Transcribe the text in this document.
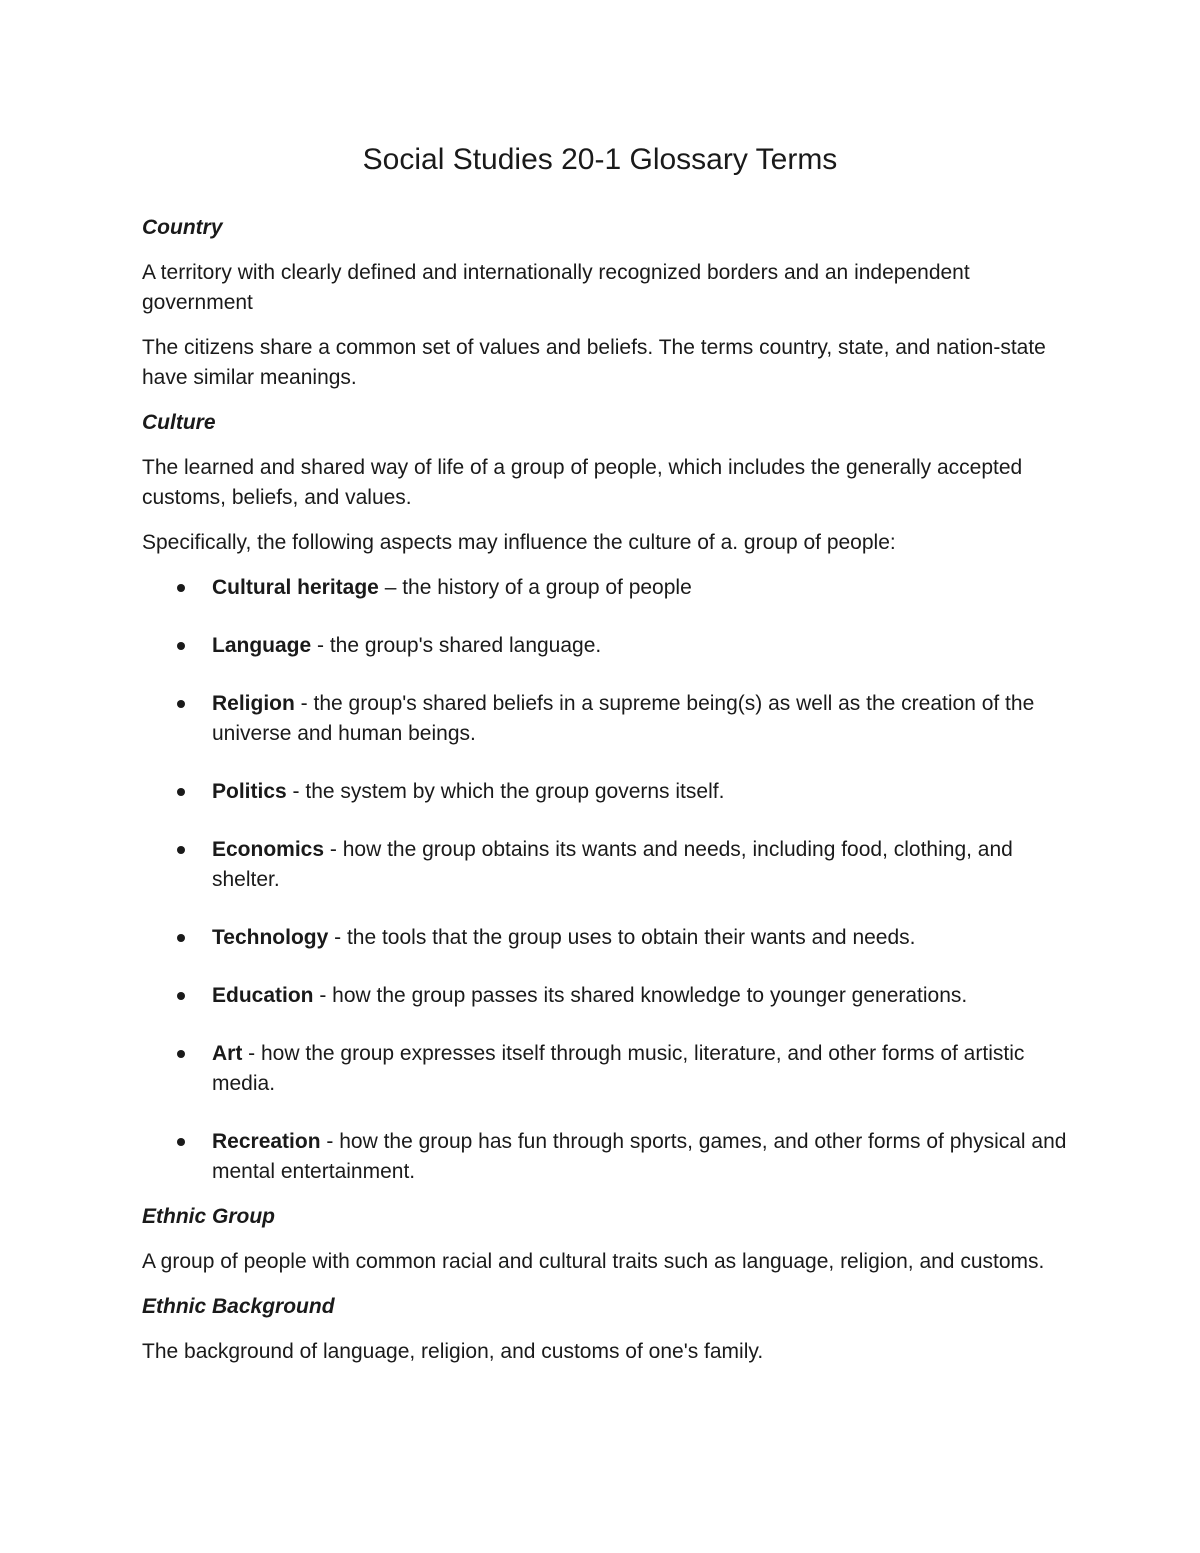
Social Studies 20-1 Glossary Terms
Country

A territory with clearly defined and internationally recognized borders and an independent government

The citizens share a common set of values and beliefs. The terms country, state, and nation-state have similar meanings.

Culture

The learned and shared way of life of a group of people, which includes the generally accepted customs, beliefs, and values.

Specifically, the following aspects may influence the culture of a. group of people:

Cultural heritage – the history of a group of people
Language - the group's shared language.
Religion - the group's shared beliefs in a supreme being(s) as well as the creation of the universe and human beings.
Politics - the system by which the group governs itself.
Economics - how the group obtains its wants and needs, including food, clothing, and shelter.
Technology - the tools that the group uses to obtain their wants and needs.
Education - how the group passes its shared knowledge to younger generations.
Art - how the group expresses itself through music, literature, and other forms of artistic media.
Recreation - how the group has fun through sports, games, and other forms of physical and mental entertainment.
Ethnic Group

A group of people with common racial and cultural traits such as language, religion, and customs.

Ethnic Background

The background of language, religion, and customs of one's family.
